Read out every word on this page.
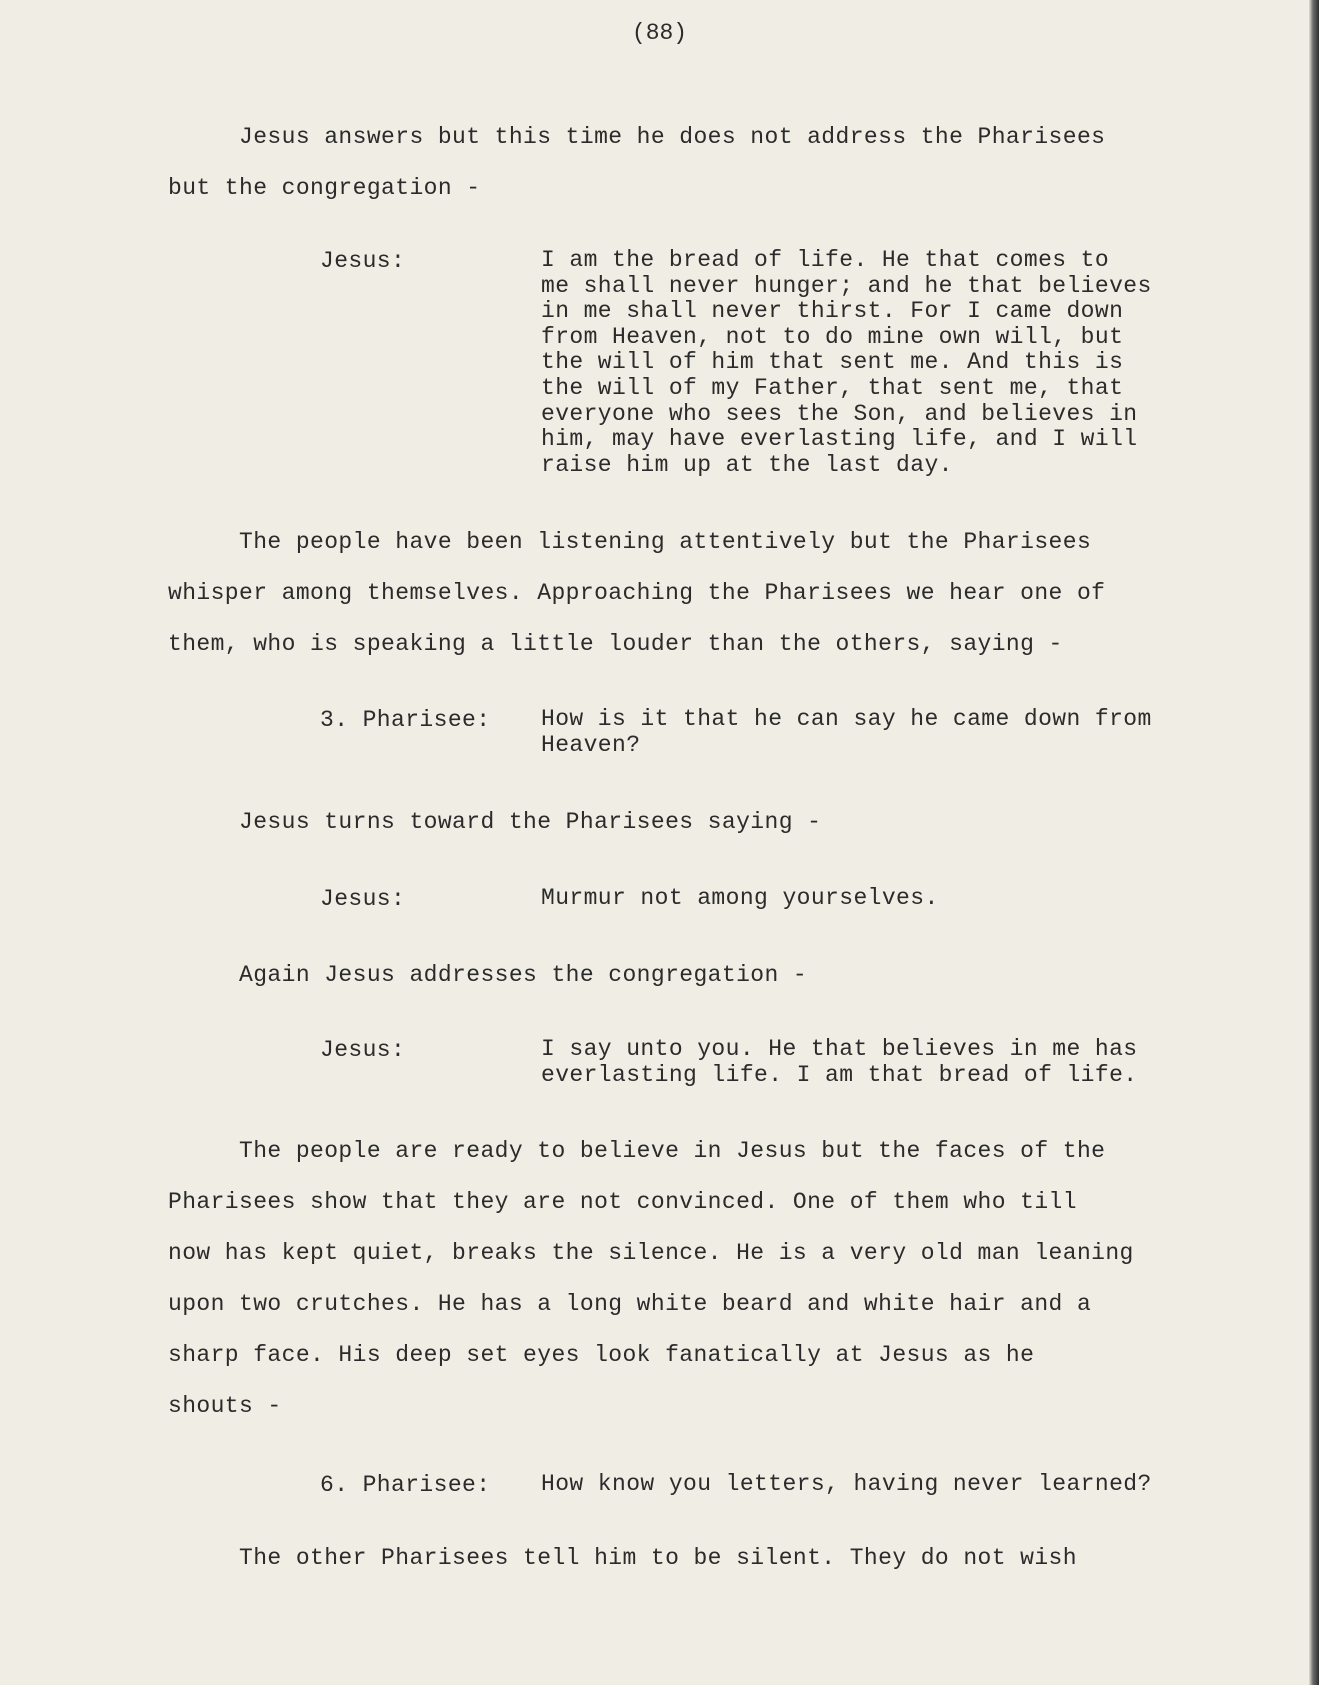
(88)
Jesus answers but this time he does not address the Pharisees
but the congregation -
Jesus:	I am the bread of life. He that comes to
me shall never hunger; and he that believes
in me shall never thirst. For I came down
from Heaven, not to do mine own will, but
the will of him that sent me. And this is
the will of my Father, that sent me, that
everyone who sees the Son, and believes in
him, may have everlasting life, and I will
raise him up at the last day.
The people have been listening attentively but the Pharisees
whisper among themselves. Approaching the Pharisees we hear one of
them, who is speaking a little louder than the others, saying -
3. Pharisee: How is it that he can say he came down from
Heaven?
Jesus turns toward the Pharisees saying -
Jesus:	Murmur not among yourselves.
Again Jesus addresses the congregation -
Jesus:	I say unto you. He that believes in me has
everlasting life. I am that bread of life.
The people are ready to believe in Jesus but the faces of the
Pharisees show that they are not convinced. One of them who till
now has kept quiet, breaks the silence. He is a very old man leaning
upon two crutches. He has a long white beard and white hair and a
sharp face. His deep set eyes look fanatically at Jesus as he
shouts -
6. Pharisee: How know you letters, having never learned?
The other Pharisees tell him to be silent. They do not wish
